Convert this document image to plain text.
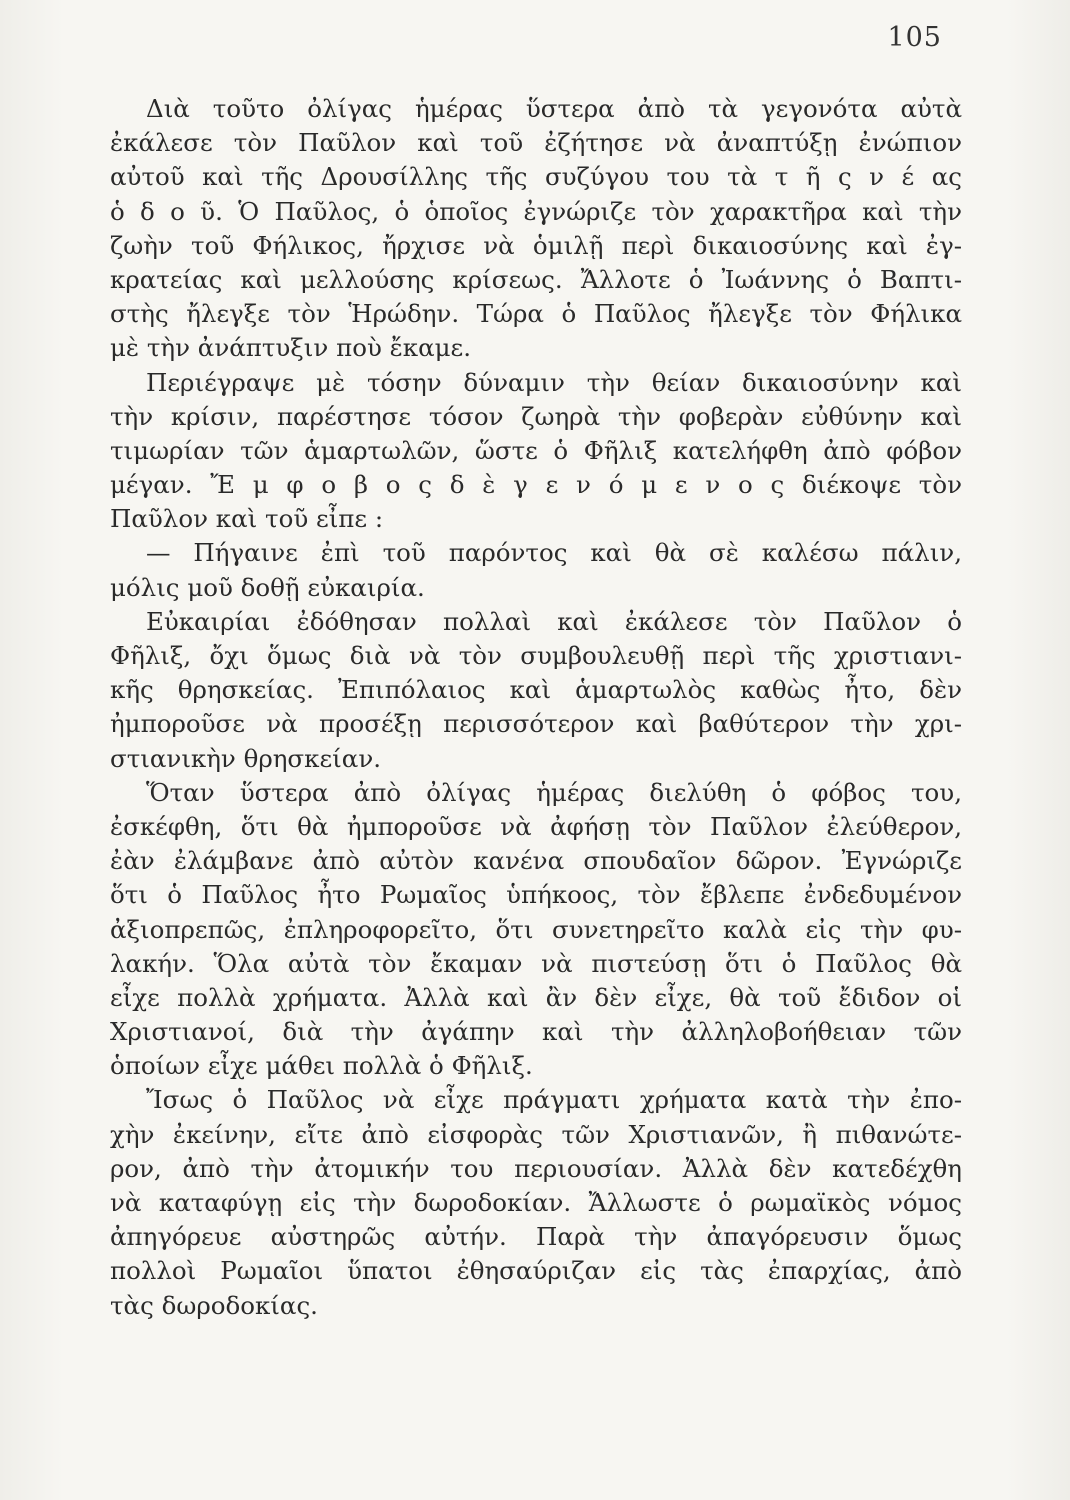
105
Διὰ τοῦτο ὀλίγας ἡμέρας ὕστερα ἀπὸ τὰ γεγονότα αὐτὰ
ἐκάλεσε τὸν Παῦλον καὶ τοῦ ἐζήτησε νὰ ἀναπτύξῃ ἐνώπιον
αὐτοῦ καὶ τῆς Δρουσίλλης τῆς συζύγου του τὰ τ ῆ ς ν έ ας
ὁ δ ο ῦ. Ὁ Παῦλος, ὁ ὁποῖος ἐγνώριζε τὸν χαρακτῆρα καὶ τὴν
ζωὴν τοῦ Φήλικος, ἤρχισε νὰ ὁμιλῇ περὶ δικαιοσύνης καὶ ἐγ-
κρατείας καὶ μελλούσης κρίσεως. Ἄλλοτε ὁ Ἰωάννης ὁ Βαπτι-
στὴς ἤλεγξε τὸν Ἡρώδην. Τώρα ὁ Παῦλος ἤλεγξε τὸν Φήλικα
μὲ τὴν ἀνάπτυξιν ποὺ ἔκαμε.
Περιέγραψε μὲ τόσην δύναμιν τὴν θείαν δικαιοσύνην καὶ
τὴν κρίσιν, παρέστησε τόσον ζωηρὰ τὴν φοβερὰν εὐθύνην καὶ
τιμωρίαν τῶν ἁμαρτωλῶν, ὥστε ὁ Φῆλιξ κατελήφθη ἀπὸ φόβον
μέγαν. Ἔ μ φ ο β ο ς δ ὲ γ ε ν ό μ ε ν ο ς διέκοψε τὸν
Παῦλον καὶ τοῦ εἶπε :
— Πήγαινε ἐπὶ τοῦ παρόντος καὶ θὰ σὲ καλέσω πάλιν,
μόλις μοῦ δοθῇ εὐκαιρία.
Εὐκαιρίαι ἐδόθησαν πολλαὶ καὶ ἐκάλεσε τὸν Παῦλον ὁ
Φῆλιξ, ὄχι ὅμως διὰ νὰ τὸν συμβουλευθῇ περὶ τῆς χριστιανι-
κῆς θρησκείας. Ἐπιπόλαιος καὶ ἁμαρτωλὸς καθὼς ἦτο, δὲν
ἠμποροῦσε νὰ προσέξῃ περισσότερον καὶ βαθύτερον τὴν χρι-
στιανικὴν θρησκείαν.
Ὅταν ὕστερα ἀπὸ ὀλίγας ἡμέρας διελύθη ὁ φόβος του,
ἐσκέφθη, ὅτι θὰ ἠμποροῦσε νὰ ἀφήσῃ τὸν Παῦλον ἐλεύθερον,
ἐὰν ἐλάμβανε ἀπὸ αὐτὸν κανένα σπουδαῖον δῶρον. Ἐγνώριζε
ὅτι ὁ Παῦλος ἦτο Ρωμαῖος ὑπήκοος, τὸν ἔβλεπε ἐνδεδυμένον
ἀξιοπρεπῶς, ἐπληροφορεῖτο, ὅτι συνετηρεῖτο καλὰ εἰς τὴν φυ-
λακήν. Ὅλα αὐτὰ τὸν ἔκαμαν νὰ πιστεύσῃ ὅτι ὁ Παῦλος θὰ
εἶχε πολλὰ χρήματα. Ἀλλὰ καὶ ἂν δὲν εἶχε, θὰ τοῦ ἔδιδον οἱ
Χριστιανοί, διὰ τὴν ἀγάπην καὶ τὴν ἀλληλοβοήθειαν τῶν
ὁποίων εἶχε μάθει πολλὰ ὁ Φῆλιξ.
Ἴσως ὁ Παῦλος νὰ εἶχε πράγματι χρήματα κατὰ τὴν ἐπο-
χὴν ἐκείνην, εἴτε ἀπὸ εἰσφορὰς τῶν Χριστιανῶν, ἢ πιθανώτε-
ρον, ἀπὸ τὴν ἀτομικήν του περιουσίαν. Ἀλλὰ δὲν κατεδέχθη
νὰ καταφύγῃ εἰς τὴν δωροδοκίαν. Ἄλλωστε ὁ ρωμαϊκὸς νόμος
ἀπηγόρευε αὐστηρῶς αὐτήν. Παρὰ τὴν ἀπαγόρευσιν ὅμως
πολλοὶ Ρωμαῖοι ὕπατοι ἐθησαύριζαν εἰς τὰς ἐπαρχίας, ἀπὸ
τὰς δωροδοκίας.
